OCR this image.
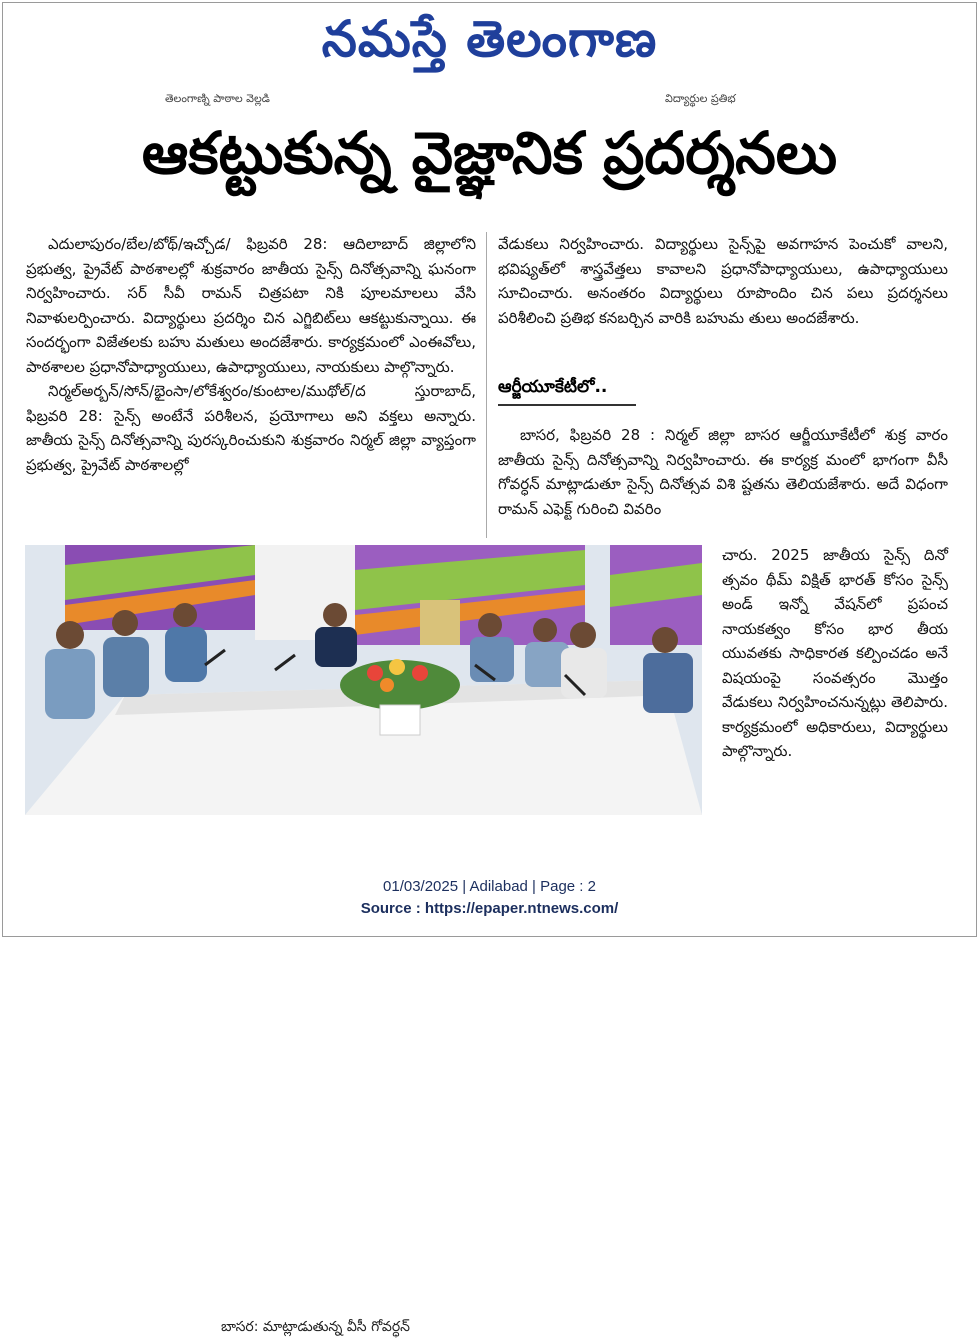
నమస్తే తెలంగాణ
తెలంగాణ్ని పాఠాల వెల్లడి	విద్యార్థుల ప్రతిభ
ఆకట్టుకున్న వైజ్ఞానిక ప్రదర్శనలు

ఎదులాపురం/బేల/బోథ్/ఇచ్చోడ/ ఫిబ్రవరి 28: ఆదిలాబాద్ జిల్లాలోని ప్రభుత్వ, ప్రైవేట్ పాఠశాలల్లో శుక్రవారం జాతీయ సైన్స్ దినోత్సవాన్ని ఘనంగా నిర్వహించారు. సర్ సీవీ రామన్ చిత్రపటా నికి పూలమాలలు వేసి నివాళులర్పించారు. విద్యార్థులు ప్రదర్శిం చిన ఎగ్జిబిట్‌లు ఆకట్టుకున్నాయి. ఈ సందర్భంగా విజేతలకు బహు మతులు అందజేశారు. కార్యక్రమంలో ఎంఈవోలు, పాఠశాలల ప్రధానోపాధ్యాయులు, ఉపాధ్యాయులు, నాయకులు పాల్గొన్నారు.

నిర్మల్అర్బన్/సోన్/భైంసా/లోకేశ్వరం/కుంటాల/ముథోల్/ద స్తురాబాద్, ఫిబ్రవరి 28: సైన్స్ అంటేనే పరిశీలన, ప్రయోగాలు అని వక్తలు అన్నారు. జాతీయ సైన్స్ దినోత్సవాన్ని పురస్కరించుకుని శుక్రవారం నిర్మల్ జిల్లా వ్యాప్తంగా ప్రభుత్వ, ప్రైవేట్ పాఠశాలల్లో

వేడుకలు నిర్వహించారు. విద్యార్థులు సైన్స్‌పై అవగాహన పెంచుకో వాలని, భవిష్యత్‌లో శాస్త్రవేత్తలు కావాలని ప్రధానోపాధ్యాయులు, ఉపాధ్యాయులు సూచించారు. అనంతరం విద్యార్థులు రూపొందిం చిన పలు ప్రదర్శనలు పరిశీలించి ప్రతిభ కనబర్చిన వారికి బహుమ తులు అందజేశారు.

ఆర్జీయూకేటీలో..

బాసర, ఫిబ్రవరి 28 : నిర్మల్ జిల్లా బాసర ఆర్జీయూకేటీలో శుక్ర వారం జాతీయ సైన్స్ దినోత్సవాన్ని నిర్వహించారు. ఈ కార్యక్ర మంలో భాగంగా వీసీ గోవర్ధన్ మాట్లాడుతూ సైన్స్ దినోత్సవ విశి ష్టతను తెలియజేశారు. అదే విధంగా రామన్ ఎఫెక్ట్ గురించి వివరిం

బాసర: మాట్లాడుతున్న వీసీ గోవర్ధన్

చారు. 2025 జాతీయ సైన్స్ దినో త్సవం థీమ్ విక్షిత్ భారత్ కోసం సైన్స్ అండ్ ఇన్నో వేషన్‌లో ప్రపంచ నాయకత్వం కోసం భార తీయ యువతకు సాధికారత కల్పించడం అనే విషయంపై సంవత్సరం మొత్తం వేడుకలు నిర్వహించనున్నట్లు తెలిపారు. కార్యక్రమంలో అధికారులు, విద్యార్థులు పాల్గొన్నారు.

01/03/2025 | Adilabad | Page : 2
Source : https://epaper.ntnews.com/
